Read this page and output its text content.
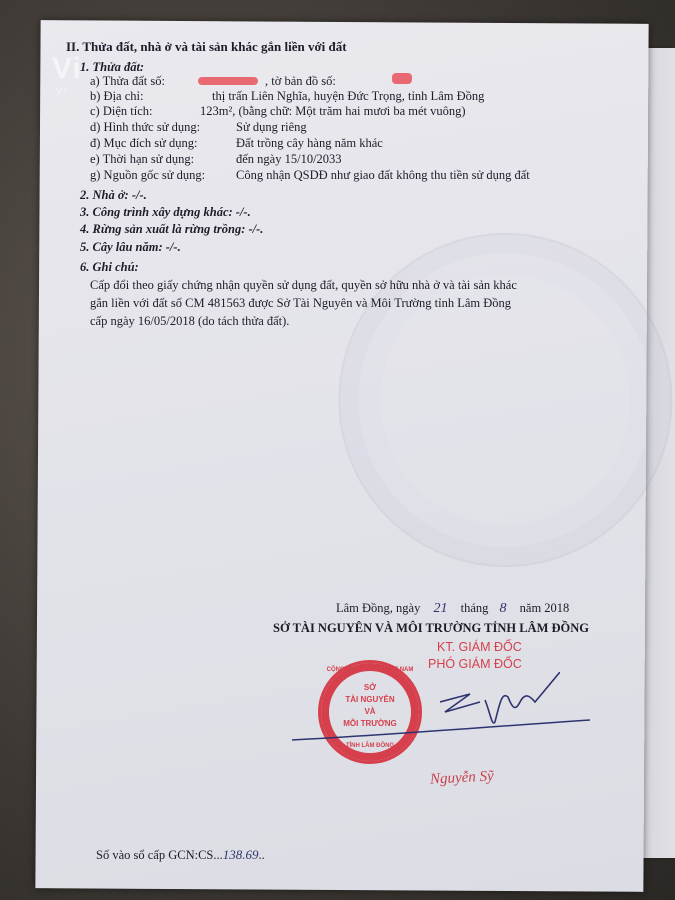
Vi
VI
II. Thửa đất, nhà ở và tài sản khác gắn liền với đất
1. Thửa đất:
a) Thửa đất số:	, tờ bản đồ số:
b) Địa chỉ:	thị trấn Liên Nghĩa, huyện Đức Trọng, tỉnh Lâm Đồng
c) Diện tích:	123m², (bằng chữ: Một trăm hai mươi ba mét vuông)
d) Hình thức sử dụng:	Sử dụng riêng
đ) Mục đích sử dụng:	Đất trồng cây hàng năm khác
e) Thời hạn sử dụng:	đến ngày 15/10/2033
g) Nguồn gốc sử dụng: Công nhận QSDĐ như giao đất không thu tiền sử dụng đất
2. Nhà ở: -/-.
3. Công trình xây dựng khác: -/-.
4. Rừng sản xuất là rừng trồng: -/-.
5. Cây lâu năm: -/-.
6. Ghi chú:
Cấp đổi theo giấy chứng nhận quyền sử dụng đất, quyền sở hữu nhà ở và tài sản khác
gắn liền với đất số CM 481563 được Sở Tài Nguyên và Môi Trường tỉnh Lâm Đồng
cấp ngày 16/05/2018 (do tách thửa đất).
Lâm Đồng, ngày 21 tháng 8 năm 2018
SỞ TÀI NGUYÊN VÀ MÔI TRƯỜNG TỈNH LÂM ĐỒNG
KT. GIÁM ĐỐC
PHÓ GIÁM ĐỐC
SỞ
TÀI NGUYÊN
VÀ
MÔI TRƯỜNG
CỘNG HÒA X.H.C.N VIỆT NAM
TỈNH LÂM ĐỒNG
Nguyễn Sỹ
Số vào sổ cấp GCN:CS...138.69..
